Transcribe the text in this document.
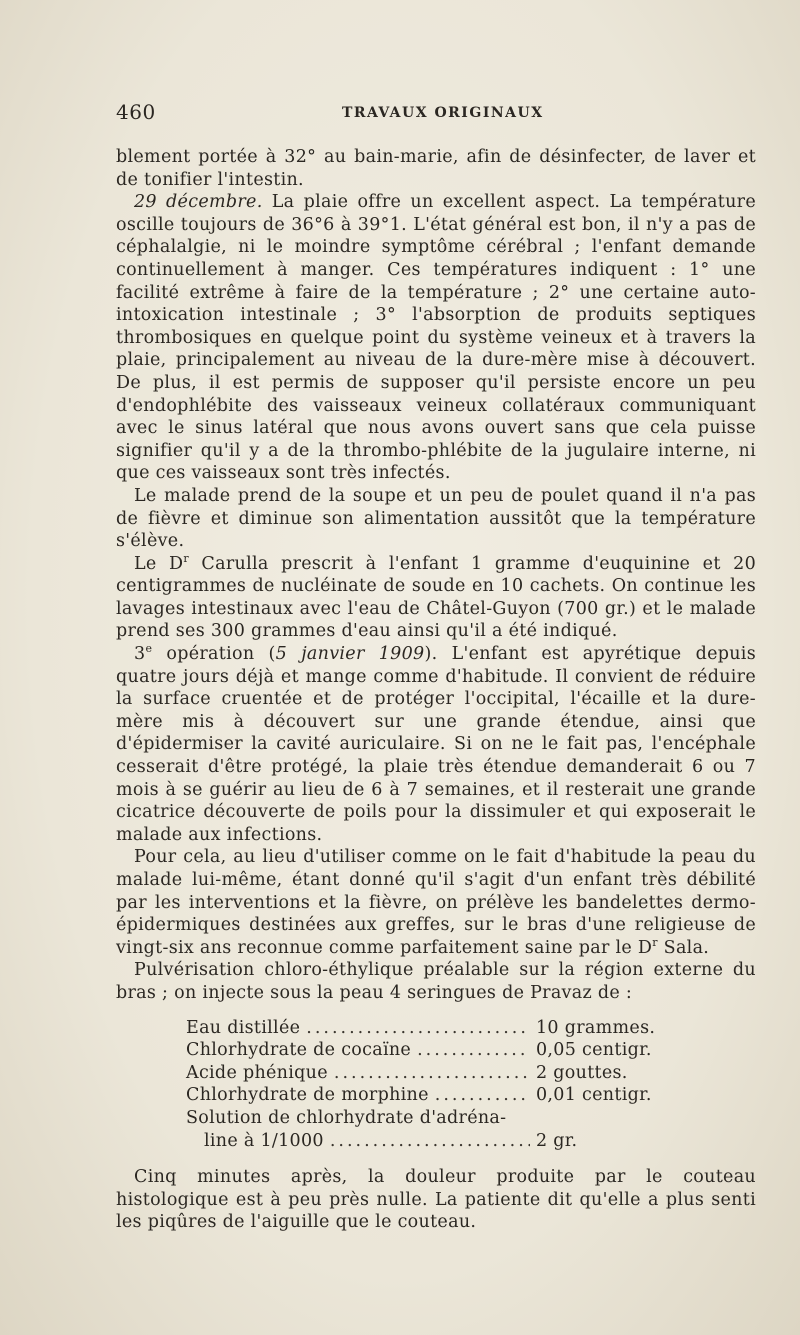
460	TRAVAUX ORIGINAUX

blement portée à 32° au bain-marie, afin de désinfecter, de laver et de tonifier l'intestin.

29 décembre. La plaie offre un excellent aspect. La température oscille toujours de 36°6 à 39°1. L'état général est bon, il n'y a pas de céphalalgie, ni le moindre symptôme cérébral ; l'enfant demande continuellement à manger. Ces températures indiquent : 1° une facilité extrême à faire de la température ; 2° une certaine auto-intoxication intestinale ; 3° l'absorption de produits septiques thrombosiques en quelque point du système veineux et à travers la plaie, principalement au niveau de la dure-mère mise à découvert. De plus, il est permis de supposer qu'il persiste encore un peu d'endophlébite des vaisseaux veineux collatéraux communiquant avec le sinus latéral que nous avons ouvert sans que cela puisse signifier qu'il y a de la thrombo-phlébite de la jugulaire interne, ni que ces vaisseaux sont très infectés.

Le malade prend de la soupe et un peu de poulet quand il n'a pas de fièvre et diminue son alimentation aussitôt que la température s'élève.

Le $D^r$ Carulla prescrit à l'enfant 1 gramme d'euquinine et 20 centigrammes de nucléinate de soude en 10 cachets. On continue les lavages intestinaux avec l'eau de Châtel-Guyon (700 gr.) et le malade prend ses 300 grammes d'eau ainsi qu'il a été indiqué.

3e opération (5 janvier 1909). L'enfant est apyrétique depuis quatre jours déjà et mange comme d'habitude. Il convient de réduire la surface cruentée et de protéger l'occipital, l'écaille et la dure-mère mis à découvert sur une grande étendue, ainsi que d'épidermiser la cavité auriculaire. Si on ne le fait pas, l'encéphale cesserait d'être protégé, la plaie très étendue demanderait 6 ou 7 mois à se guérir au lieu de 6 à 7 semaines, et il resterait une grande cicatrice découverte de poils pour la dissimuler et qui exposerait le malade aux infections.

Pour cela, au lieu d'utiliser comme on le fait d'habitude la peau du malade lui-même, étant donné qu'il s'agit d'un enfant très débilité par les interventions et la fièvre, on prélève les bandelettes dermo-épidermiques destinées aux greffes, sur le bras d'une religieuse de vingt-six ans reconnue comme parfaitement saine par le $D^r$ Sala.

Pulvérisation chloro-éthylique préalable sur la région externe du bras ; on injecte sous la peau 4 seringues de Pravaz de :

Eau distillée .....	10 grammes.
Chlorhydrate de cocaïne .....	0,05 centigr.
Acide phénique .....	2 gouttes.
Chlorhydrate de morphine .....	0,01 centigr.
Solution de chlorhydrate d'adréna-
line à 1/1000 .....	2 gr.

Cinq minutes après, la douleur produite par le couteau histologique est à peu près nulle. La patiente dit qu'elle a plus senti les piqûres de l'aiguille que le couteau.
